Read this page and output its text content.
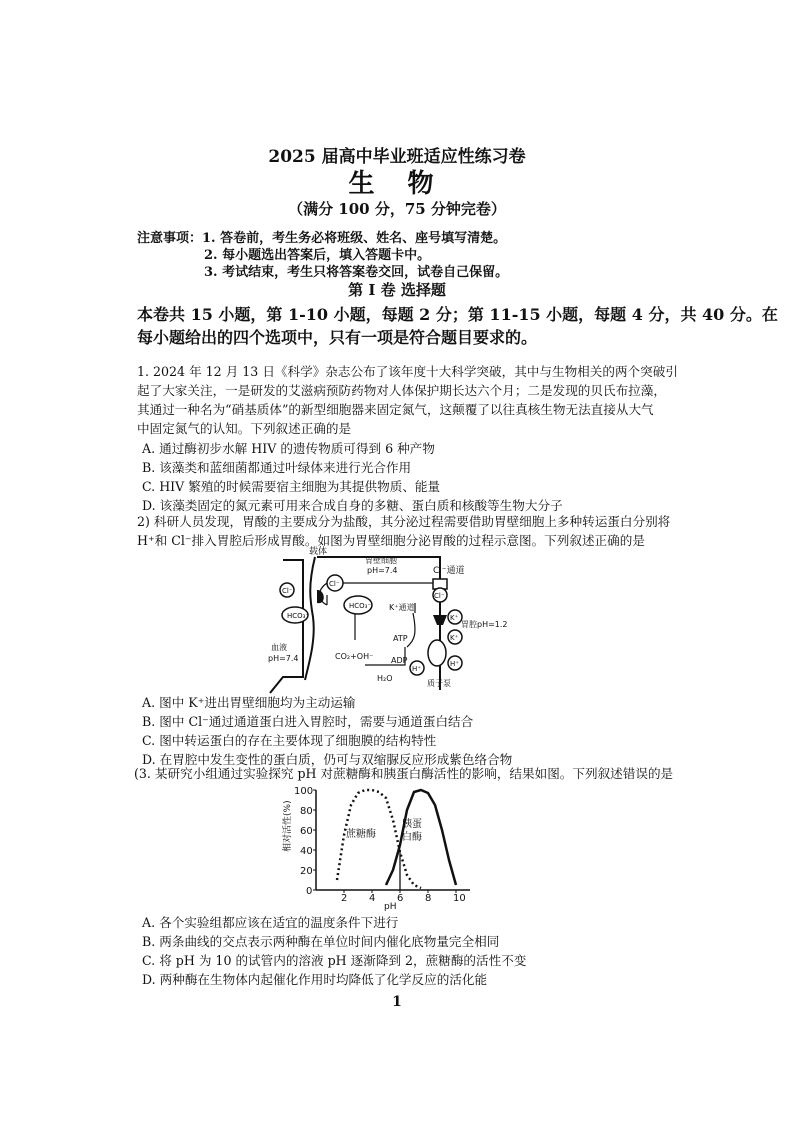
2025 届高中毕业班适应性练习卷
生 物
（满分 100 分，75 分钟完卷）
注意事项：1. 答卷前，考生务必将班级、姓名、座号填写清楚。
2. 每小题选出答案后，填入答题卡中。
3. 考试结束，考生只将答案卷交回，试卷自己保留。
第 Ⅰ 卷 选择题
本卷共 15 小题，第 1-10 小题，每题 2 分；第 11-15 小题，每题 4 分，共 40 分。在
每小题给出的四个选项中，只有一项是符合题目要求的。
1. 2024 年 12 月 13 日《科学》杂志公布了该年度十大科学突破，其中与生物相关的两个突破引
起了大家关注，一是研发的艾滋病预防药物对人体保护期长达六个月；二是发现的贝氏布拉藻，
其通过一种名为“硝基质体”的新型细胞器来固定氮气，这颠覆了以往真核生物无法直接从大气
中固定氮气的认知。下列叙述正确的是
A. 通过酶初步水解 HIV 的遗传物质可得到 6 种产物
B. 该藻类和蓝细菌都通过叶绿体来进行光合作用
C. HIV 繁殖的时候需要宿主细胞为其提供物质、能量
D. 该藻类固定的氮元素可用来合成自身的多糖、蛋白质和核酸等生物大分子
2) 科研人员发现，胃酸的主要成分为盐酸，其分泌过程需要借助胃壁细胞上多种转运蛋白分别将
H⁺和 Cl⁻排入胃腔后形成胃酸。如图为胃壁细胞分泌胃酸的过程示意图。下列叙述正确的是
载体
Cl⁻通道
胃壁细胞
pH=7.4
K⁺通道
胃腔pH=1.2
血液
pH=7.4
ATP
ADP
质子泵
CO₂+OH⁻
H₂O
HCO₃⁻
HCO₃⁻
Cl⁻
Cl⁻
Cl⁻
K⁺
K⁺
H⁺
H⁺
A. 图中 K⁺进出胃壁细胞均为主动运输
B. 图中 Cl⁻通过通道蛋白进入胃腔时，需要与通道蛋白结合
C. 图中转运蛋白的存在主要体现了细胞膜的结构特性
D. 在胃腔中发生变性的蛋白质，仍可与双缩脲反应形成紫色络合物
(3. 某研究小组通过实验探究 pH 对蔗糖酶和胰蛋白酶活性的影响，结果如图。下列叙述错误的是
2 4 6 8 10
0
20
40
60
80
100
相对活性(%)
pH
蔗糖酶
胰蛋
白酶
A. 各个实验组都应该在适宜的温度条件下进行
B. 两条曲线的交点表示两种酶在单位时间内催化底物量完全相同
C. 将 pH 为 10 的试管内的溶液 pH 逐渐降到 2，蔗糖酶的活性不变
D. 两种酶在生物体内起催化作用时均降低了化学反应的活化能
1
